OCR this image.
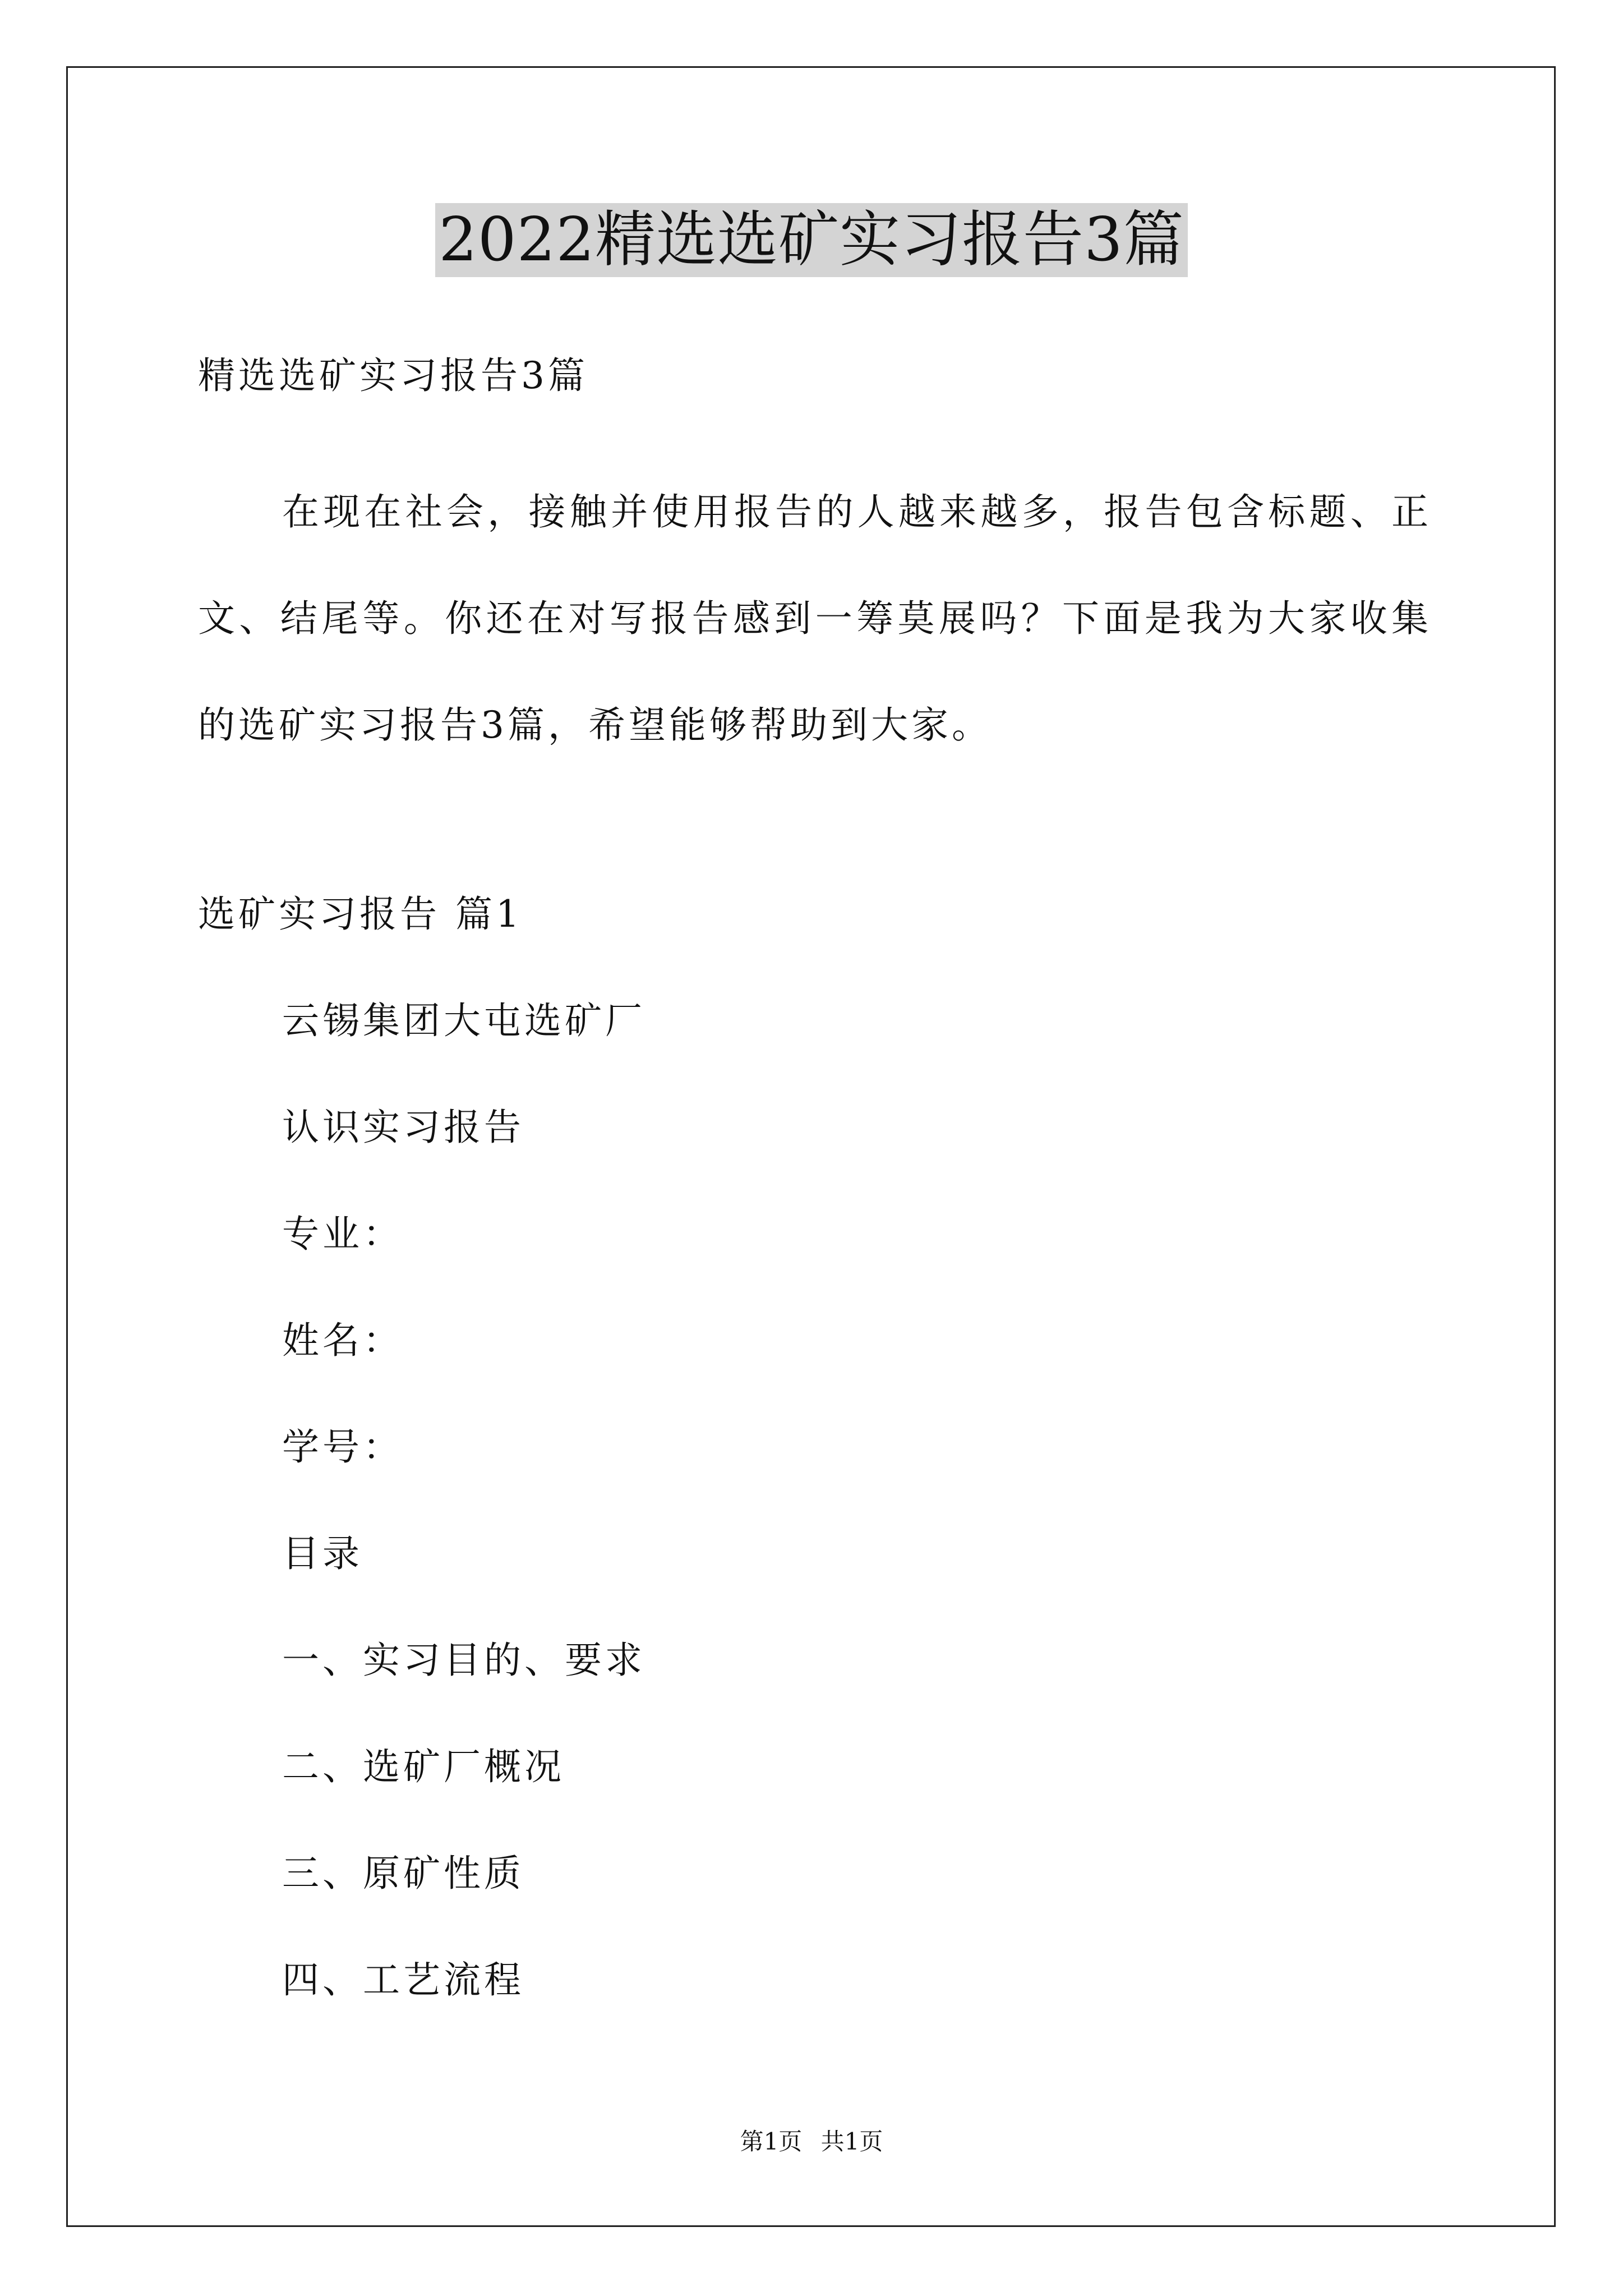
2022精选选矿实习报告3篇
精选选矿实习报告3篇
在现在社会，接触并使用报告的人越来越多，报告包含标题、正文、结尾等。你还在对写报告感到一筹莫展吗？下面是我为大家收集的选矿实习报告3篇，希望能够帮助到大家。
选矿实习报告 篇1
云锡集团大屯选矿厂
认识实习报告
专业：
姓名：
学号：
目录
一、实习目的、要求
二、选矿厂概况
三、原矿性质
四、工艺流程
第1页 共1页
